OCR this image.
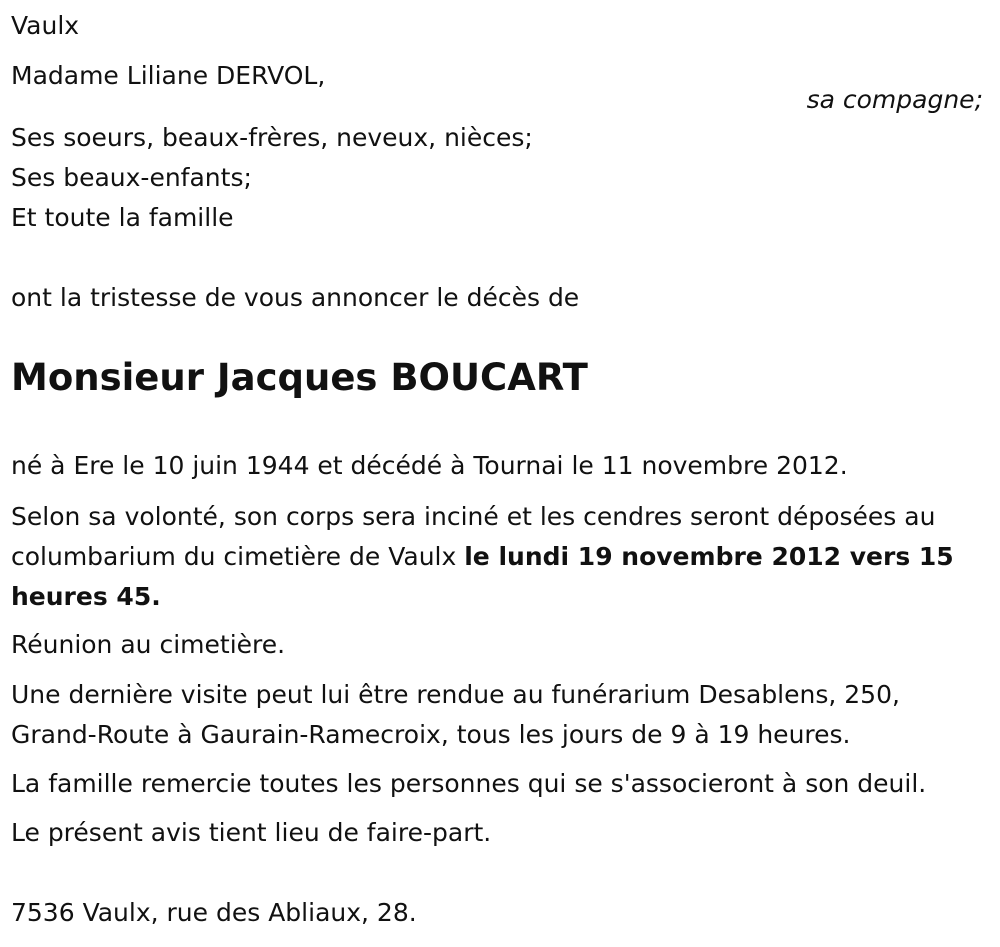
Vaulx
Madame Liliane DERVOL,
sa compagne;
Ses soeurs, beaux-frères, neveux, nièces;
Ses beaux-enfants;
Et toute la famille
ont la tristesse de vous annoncer le décès de
Monsieur Jacques BOUCART
né à Ere le 10 juin 1944 et décédé à Tournai le 11 novembre 2012.
Selon sa volonté, son corps sera inciné et les cendres seront déposées au columbarium du cimetière de Vaulx le lundi 19 novembre 2012 vers 15 heures 45.
Réunion au cimetière.
Une dernière visite peut lui être rendue au funérarium Desablens, 250, Grand-Route à Gaurain-Ramecroix, tous les jours de 9 à 19 heures.
La famille remercie toutes les personnes qui se s'associeront à son deuil.
Le présent avis tient lieu de faire-part.
7536 Vaulx, rue des Abliaux, 28.
